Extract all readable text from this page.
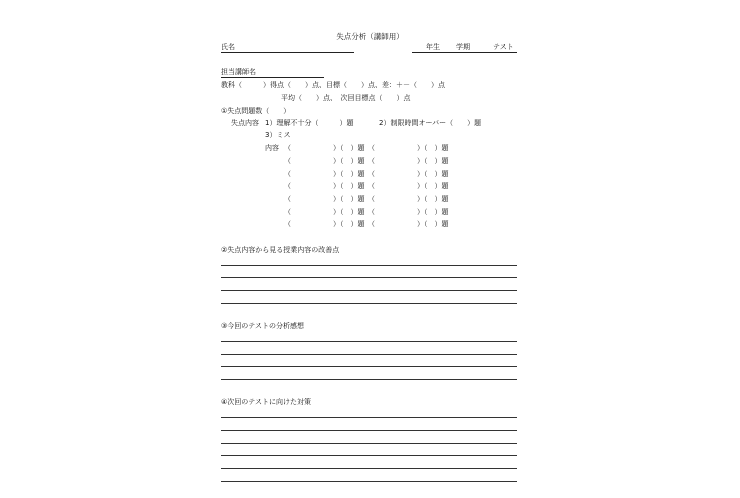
失点分析（講師用）
氏名	年生 学期	テスト
担当講師名
教科（　　　）得点（　　）点、目標（　　）点、差：＋－（　　）点
平均（　　）点、　次回目標点（　　）点
①失点問題数（　　）
失点内容 1）理解不十分（　　　）題	2）制限時間オーバー（　　）題
3）ミス
内容 （　　　　　　）（　）題　（　　　　　　）（　）題
（　　　　　　）（　）題　（　　　　　　）（　）題
（　　　　　　）（　）題　（　　　　　　）（　）題
（　　　　　　）（　）題　（　　　　　　）（　）題
（　　　　　　）（　）題　（　　　　　　）（　）題
（　　　　　　）（　）題　（　　　　　　）（　）題
（　　　　　　）（　）題　（　　　　　　）（　）題
②失点内容から見る授業内容の改善点
③今回のテストの分析感想
④次回のテストに向けた対策
